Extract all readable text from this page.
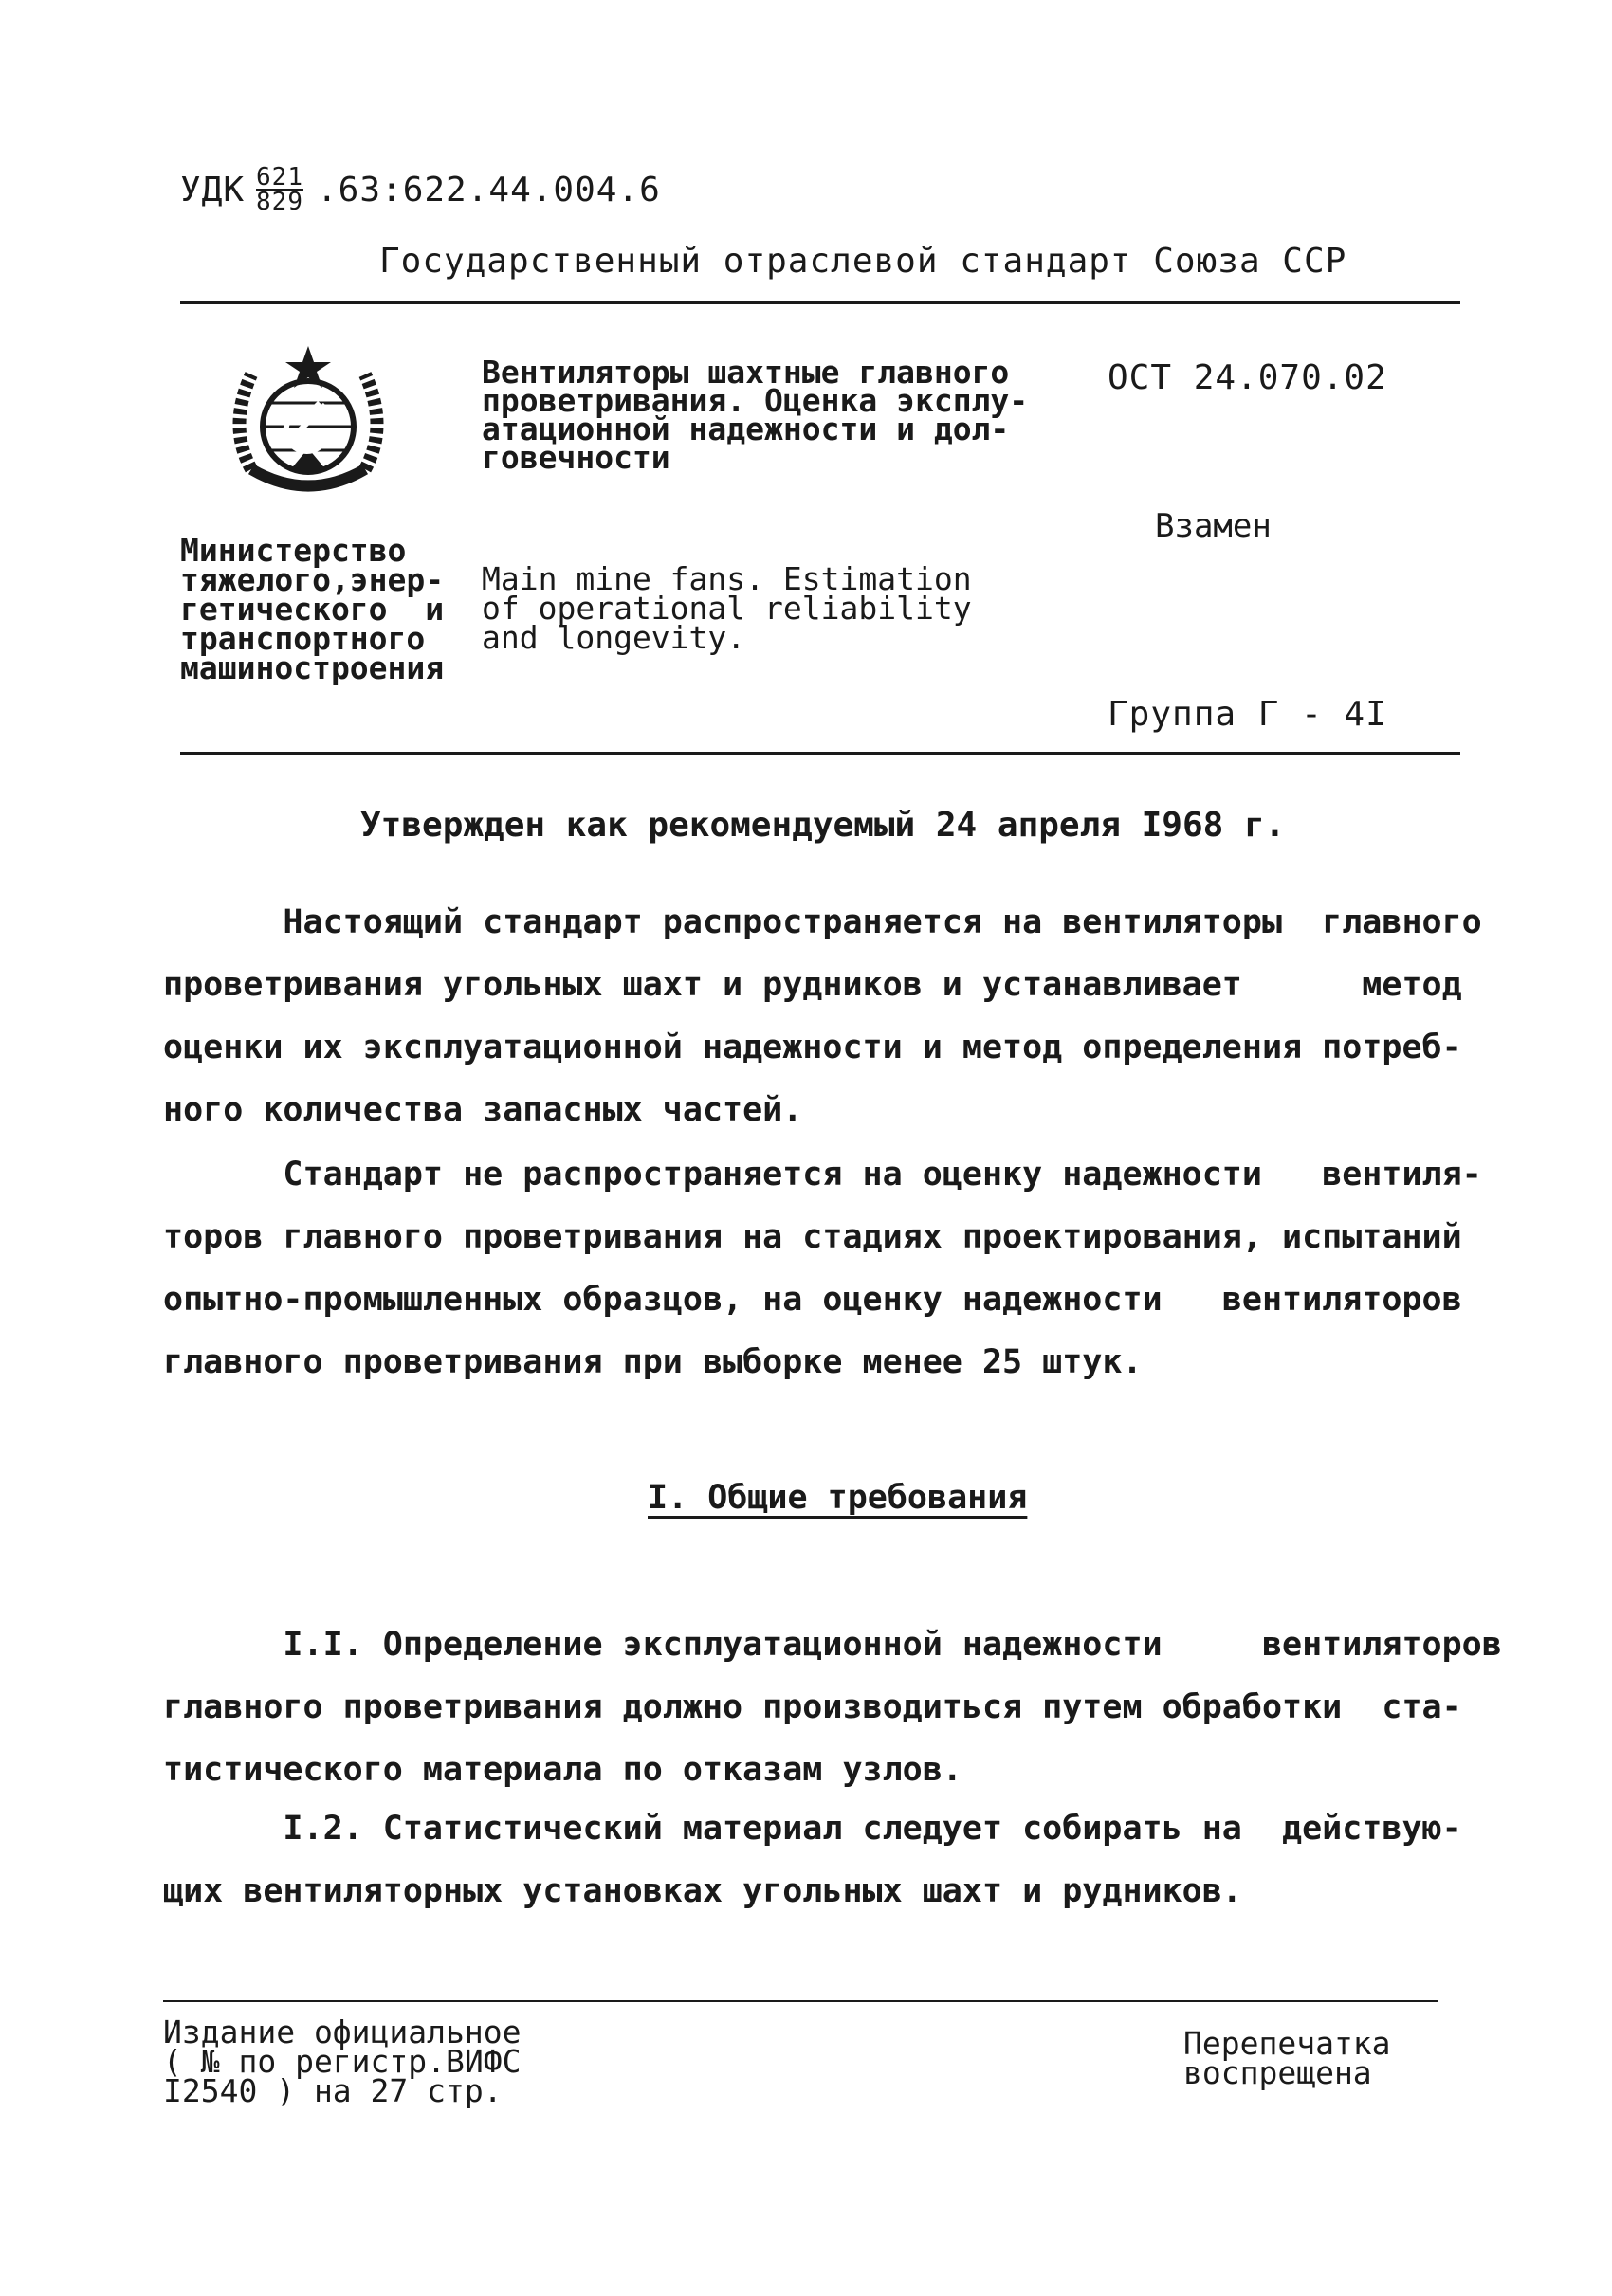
УДК $\frac{621}{829}$ .63:622.44.004.6
Государственный отраслевой стандарт Союза ССР
Вентиляторы шахтные главного
проветривания. Оценка эксплу-
атационной надежности и дол-
говечности
ОСТ 24.070.02
Взамен
Министерство
тяжелого,энер-
гетического  и
транспортного
машиностроения
Main mine fans. Estimation
of operational reliability
and longevity.
Группа Г - 4I
Утвержден как рекомендуемый 24 апреля I968 г.
Настоящий стандарт распространяется на вентиляторы  главного
проветривания угольных шахт и рудников и устанавливает      метод
оценки их эксплуатационной надежности и метод определения потреб-
ного количества запасных частей.
Стандарт не распространяется на оценку надежности   вентиля-
торов главного проветривания на стадиях проектирования, испытаний
опытно-промышленных образцов, на оценку надежности   вентиляторов
главного проветривания при выборке менее 25 штук.
I. Общие требования
I.I. Определение эксплуатационной надежности     вентиляторов
главного проветривания должно производиться путем обработки  ста-
тистического материала по отказам узлов.
I.2. Статистический материал следует собирать на  действую-
щих вентиляторных установках угольных шахт и рудников.
Издание официальное
( № по регистр.ВИФС
I2540 ) на 27 стр.
Перепечатка
воспрещена
